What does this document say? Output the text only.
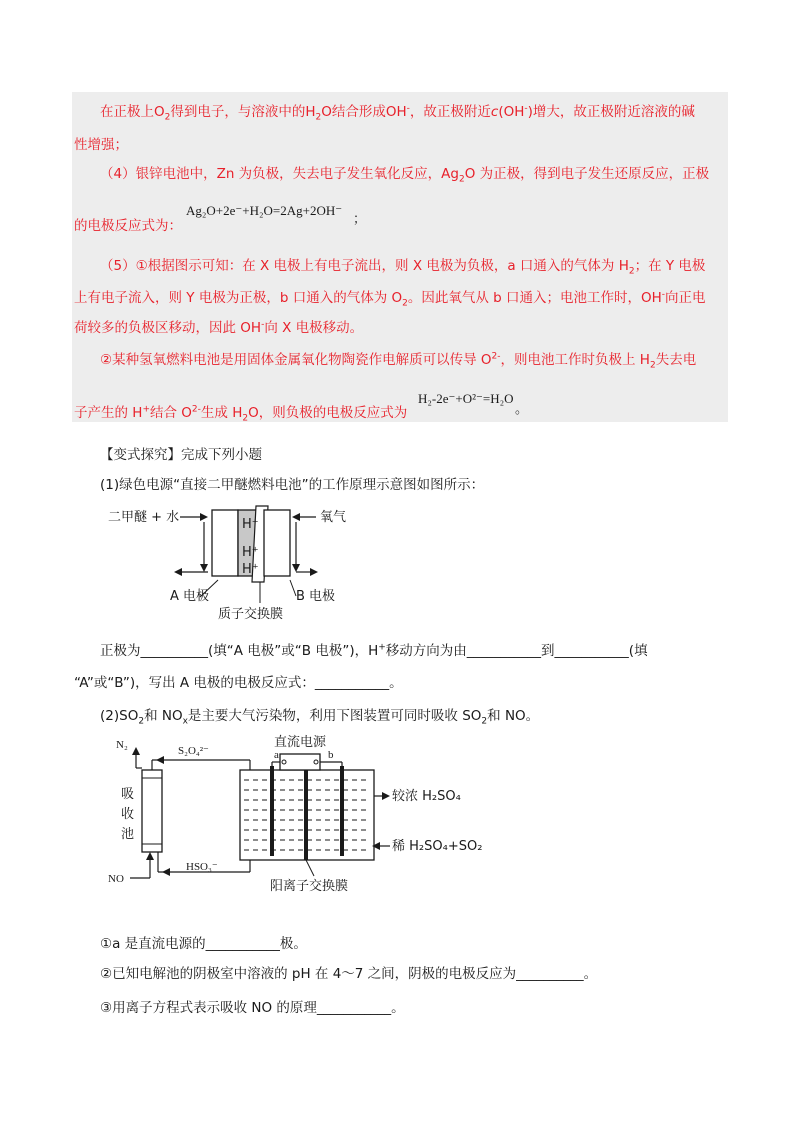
在正极上$O_2$得到电子，与溶液中的$H_2O$结合形成OH-，故正极附近c(OH-)增大，故正极附近溶液的碱
性增强；
（4）银锌电池中，Zn 为负极，失去电子发生氧化反应，$Ag_2O$ 为正极，得到电子发生还原反应，正极
的电极反应式为：
Ag₂O+2e⁻+H₂O=2Ag+2OH⁻
；
（5）①根据图示可知：在 X 电极上有电子流出，则 X 电极为负极，a 口通入的气体为 $H_2$；在 Y 电极
上有电子流入，则 Y 电极为正极，b 口通入的气体为 $O_2$。因此氧气从 b 口通入；电池工作时，OH-向正电
荷较多的负极区移动，因此 OH-向 X 电极移动。
②某种氢氧燃料电池是用固体金属氧化物陶瓷作电解质可以传导 $O^{2-}$，则电池工作时负极上 $H_2$失去电
子产生的 H+结合 $O^{2-}$生成 $H_2O$，则负极的电极反应式为
H₂-2e⁻+O²⁻=H₂O
。
【变式探究】完成下列小题
(1)绿色电源“直接二甲醚燃料电池”的工作原理示意图如图所示：
H⁺
H⁺
H⁺
二甲醚 + 水	氧气
A 电极	B 电极
质子交换膜
正极为__________(填“A 电极”或“B 电极”)，H+移动方向为由___________到___________(填
“A”或“B”)，写出 A 电极的电极反应式：___________。
$(2)SO_2$和 $NO_x$是主要大气污染物，利用下图装置可同时吸收 $SO_2$和 NO。
N₂	S₂O₄²⁻
直流电源
a	b
吸
收
池
较浓 H₂SO₄
稀 H₂SO₄+SO₂
NO
HSO₃⁻
阳离子交换膜
①a 是直流电源的___________极。
②已知电解池的阴极室中溶液的 pH 在 4～7 之间，阴极的电极反应为__________。
③用离子方程式表示吸收 NO 的原理___________。
